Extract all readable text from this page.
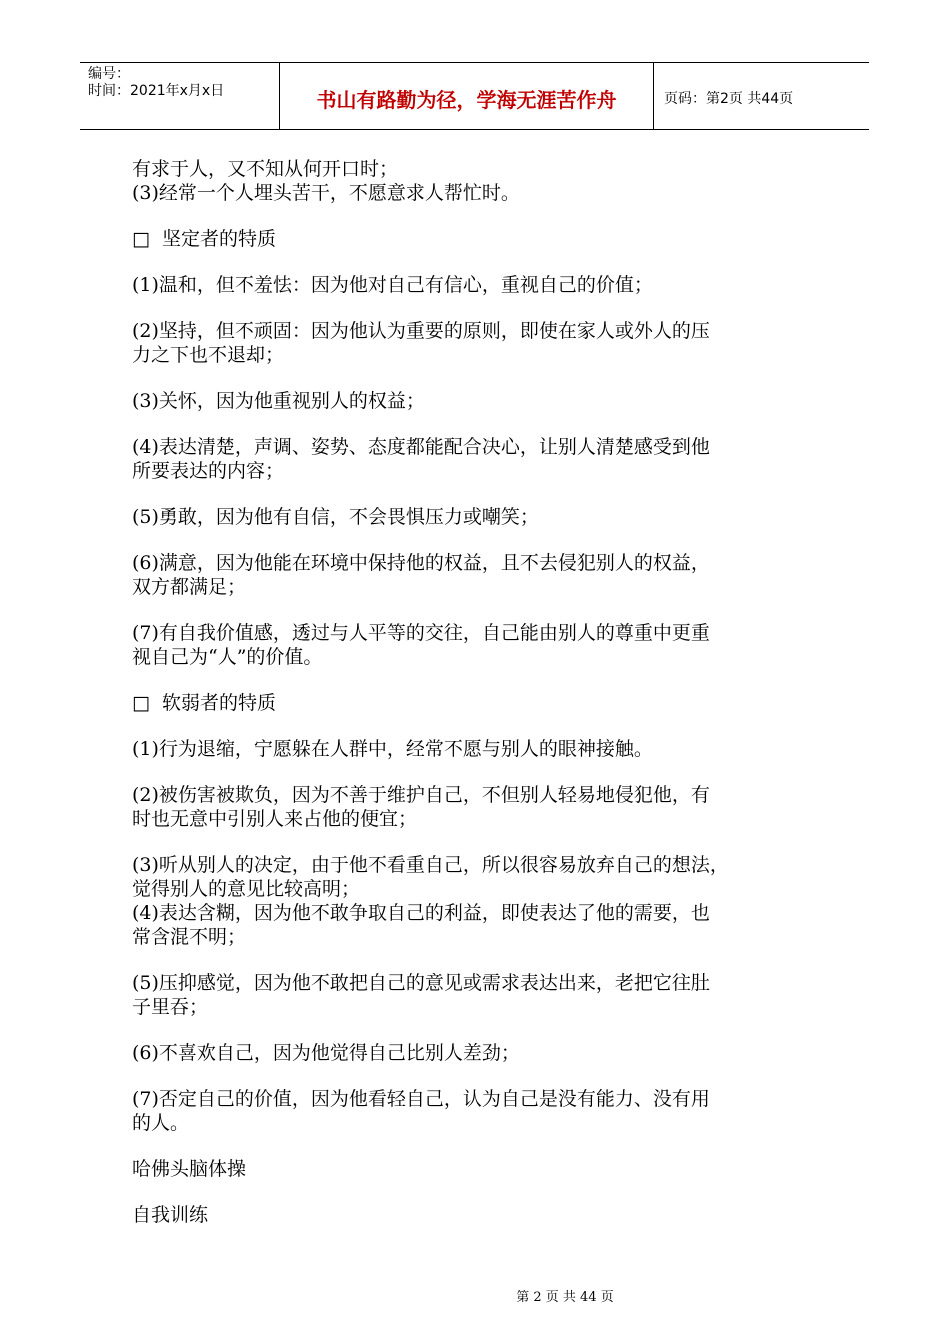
编号：
时间：2021年x月x日	书山有路勤为径，学海无涯苦作舟	页码：第2页 共44页
有求于人，又不知从何开口时；
(3)经常一个人埋头苦干，不愿意求人帮忙时。
□  坚定者的特质
(1)温和，但不羞怯：因为他对自己有信心，重视自己的价值；
(2)坚持，但不顽固：因为他认为重要的原则，即使在家人或外人的压
力之下也不退却；
(3)关怀，因为他重视别人的权益；
(4)表达清楚，声调、姿势、态度都能配合决心，让别人清楚感受到他
所要表达的内容；
(5)勇敢，因为他有自信，不会畏惧压力或嘲笑；
(6)满意，因为他能在环境中保持他的权益，且不去侵犯别人的权益，
双方都满足；
(7)有自我价值感，透过与人平等的交往，自己能由别人的尊重中更重
视自己为“人”的价值。
□  软弱者的特质
(1)行为退缩，宁愿躲在人群中，经常不愿与别人的眼神接触。
(2)被伤害被欺负，因为不善于维护自己，不但别人轻易地侵犯他，有
时也无意中引别人来占他的便宜；
(3)听从别人的决定，由于他不看重自己，所以很容易放弃自己的想法，
觉得别人的意见比较高明；
(4)表达含糊，因为他不敢争取自己的利益，即使表达了他的需要，也
常含混不明；
(5)压抑感觉，因为他不敢把自己的意见或需求表达出来，老把它往肚
子里吞；
(6)不喜欢自己，因为他觉得自己比别人差劲；
(7)否定自己的价值，因为他看轻自己，认为自己是没有能力、没有用
的人。
哈佛头脑体操
自我训练
第 2 页 共 44 页
